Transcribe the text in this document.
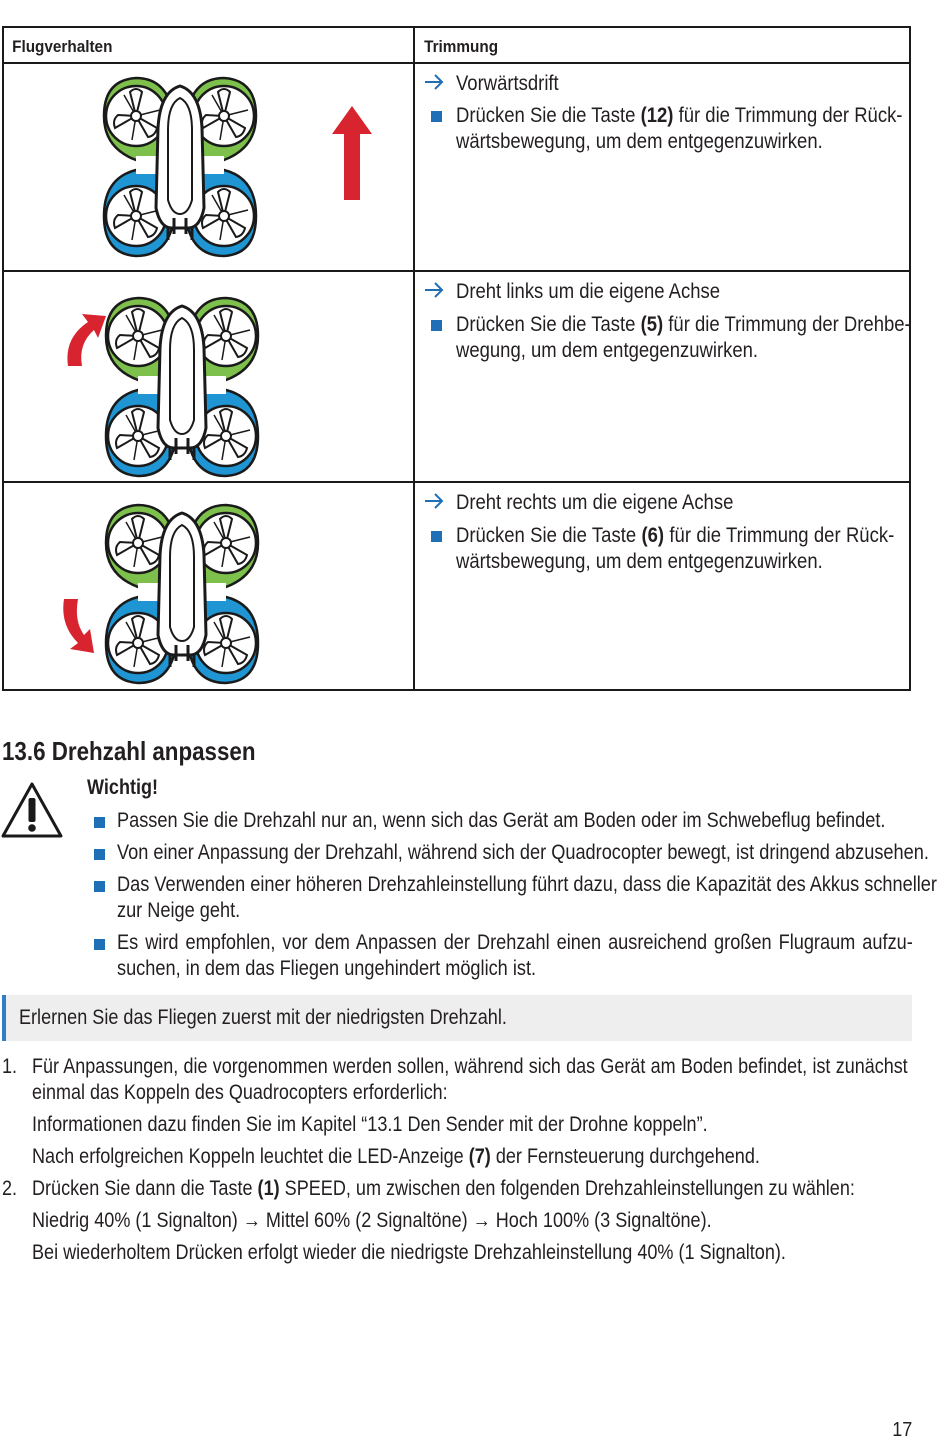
Flugverhalten	Trimmung
Vorwärtsdrift
Drücken Sie die Taste (12) für die Trimmung der Rück-
wärtsbewegung, um dem entgegenzuwirken.
Dreht links um die eigene Achse
Drücken Sie die Taste (5) für die Trimmung der Drehbe-
wegung, um dem entgegenzuwirken.
Dreht rechts um die eigene Achse
Drücken Sie die Taste (6) für die Trimmung der Rück-
wärtsbewegung, um dem entgegenzuwirken.
13.6 Drehzahl anpassen
Wichtig!
Passen Sie die Drehzahl nur an, wenn sich das Gerät am Boden oder im Schwebeflug befindet.
Von einer Anpassung der Drehzahl, während sich der Quadrocopter bewegt, ist dringend abzusehen.
Das Verwenden einer höheren Drehzahleinstellung führt dazu, dass die Kapazität des Akkus schneller
zur Neige geht.
Es wird empfohlen, vor dem Anpassen der Drehzahl einen ausreichend großen Flugraum aufzu-
suchen, in dem das Fliegen ungehindert möglich ist.
Erlernen Sie das Fliegen zuerst mit der niedrigsten Drehzahl.
1. Für Anpassungen, die vorgenommen werden sollen, während sich das Gerät am Boden befindet, ist zunächst
einmal das Koppeln des Quadrocopters erforderlich:
Informationen dazu finden Sie im Kapitel “13.1 Den Sender mit der Drohne koppeln”.
Nach erfolgreichen Koppeln leuchtet die LED-Anzeige (7) der Fernsteuerung durchgehend.
2. Drücken Sie dann die Taste (1) SPEED, um zwischen den folgenden Drehzahleinstellungen zu wählen:
Niedrig 40% (1 Signalton) → Mittel 60% (2 Signaltöne) → Hoch 100% (3 Signaltöne).
Bei wiederholtem Drücken erfolgt wieder die niedrigste Drehzahleinstellung 40% (1 Signalton).
17
